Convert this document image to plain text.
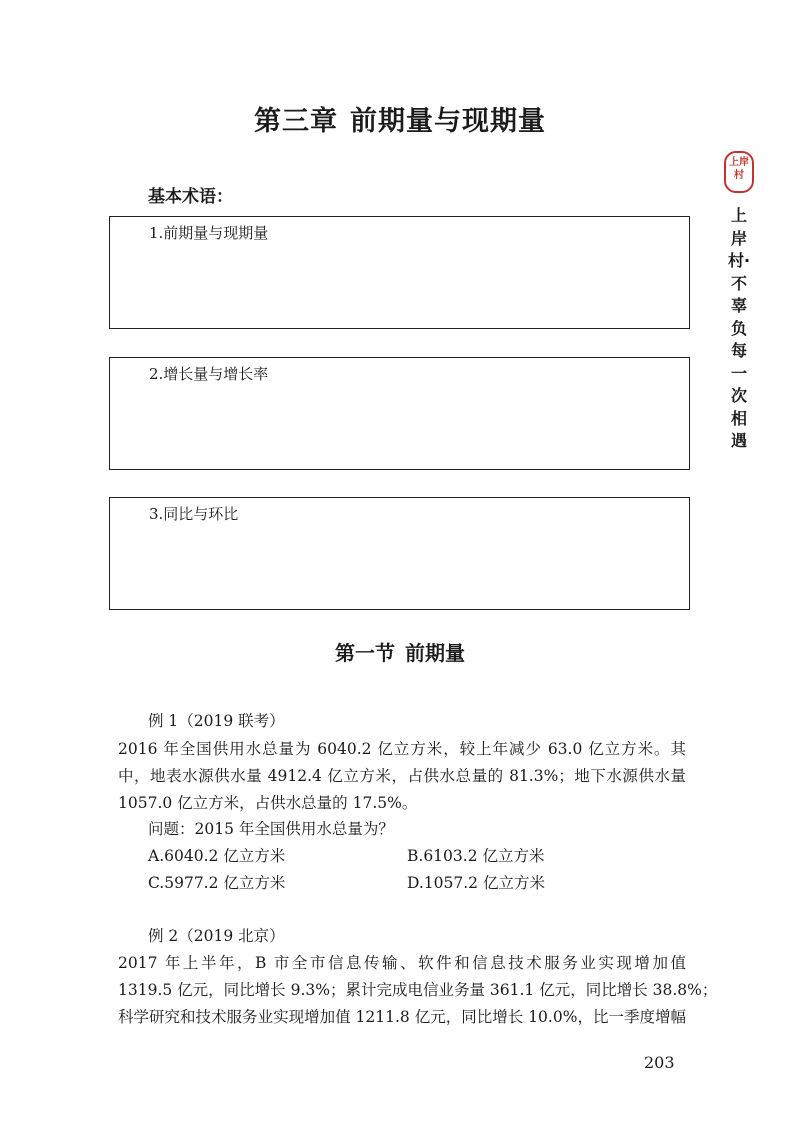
第三章 前期量与现期量
基本术语：
1.前期量与现期量
2.增长量与增长率
3.同比与环比
第一节 前期量
例 1（2019 联考）
2016 年全国供用水总量为 6040.2 亿立方米，较上年减少 63.0 亿立方米。其
中，地表水源供水量 4912.4 亿立方米，占供水总量的 81.3%；地下水源供水量
1057.0 亿立方米，占供水总量的 17.5%。
问题：2015 年全国供用水总量为？
A.6040.2 亿立方米	B.6103.2 亿立方米
C.5977.2 亿立方米	D.1057.2 亿立方米
例 2（2019 北京）
2017 年上半年，B 市全市信息传输、软件和信息技术服务业实现增加值
1319.5 亿元，同比增长 9.3%；累计完成电信业务量 361.1 亿元，同比增长 38.8%；
科学研究和技术服务业实现增加值 1211.8 亿元，同比增长 10.0%，比一季度增幅
203
上岸村
上岸村·不辜负每一次相遇
